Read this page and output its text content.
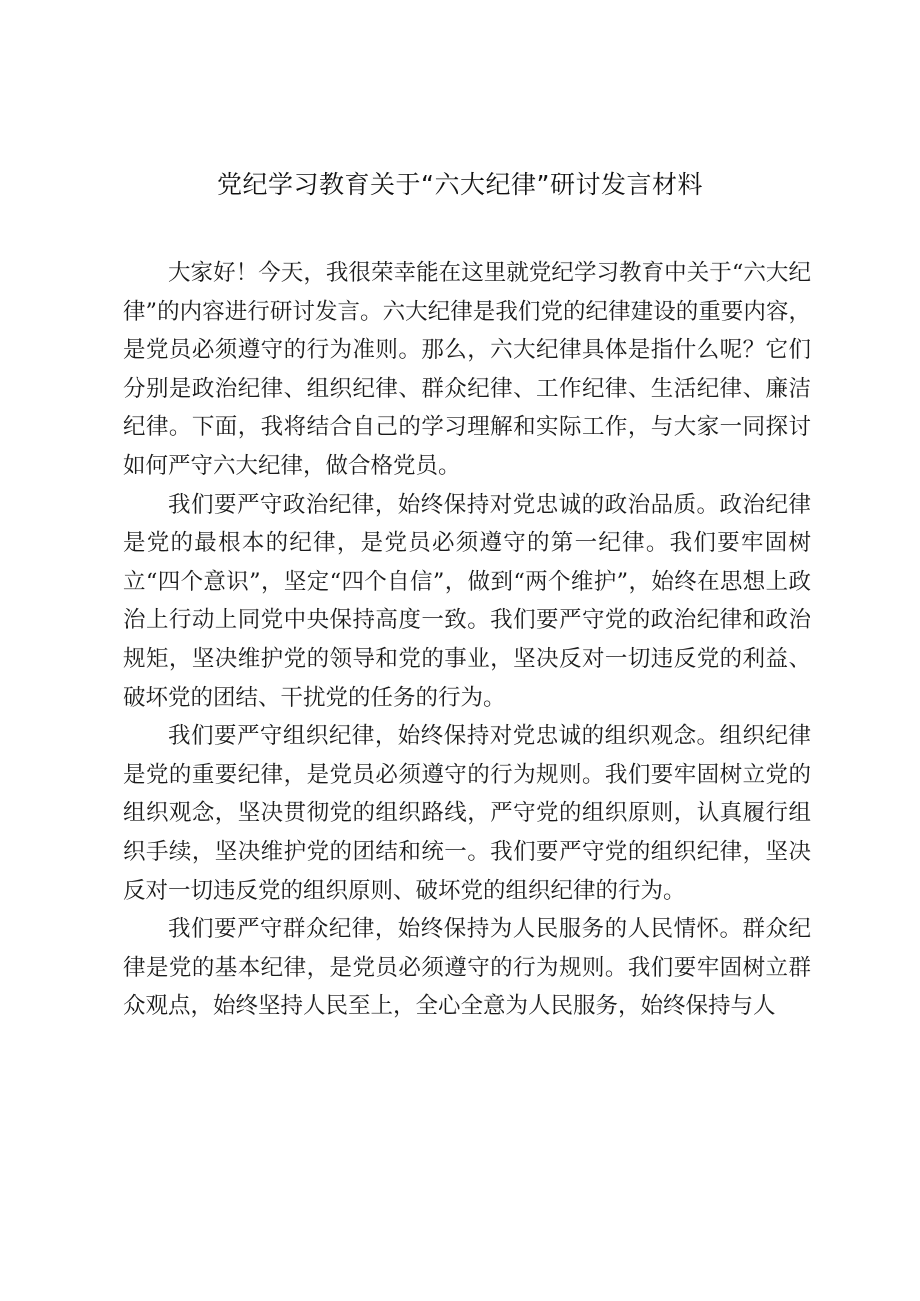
党纪学习教育关于“六大纪律”研讨发言材料

大家好！今天，我很荣幸能在这里就党纪学习教育中关于“六大纪律”的内容进行研讨发言。六大纪律是我们党的纪律建设的重要内容，是党员必须遵守的行为准则。那么，六大纪律具体是指什么呢？它们分别是政治纪律、组织纪律、群众纪律、工作纪律、生活纪律、廉洁纪律。下面，我将结合自己的学习理解和实际工作，与大家一同探讨如何严守六大纪律，做合格党员。

我们要严守政治纪律，始终保持对党忠诚的政治品质。政治纪律是党的最根本的纪律，是党员必须遵守的第一纪律。我们要牢固树立“四个意识”，坚定“四个自信”，做到“两个维护”，始终在思想上政治上行动上同党中央保持高度一致。我们要严守党的政治纪律和政治规矩，坚决维护党的领导和党的事业，坚决反对一切违反党的利益、破坏党的团结、干扰党的任务的行为。

我们要严守组织纪律，始终保持对党忠诚的组织观念。组织纪律是党的重要纪律，是党员必须遵守的行为规则。我们要牢固树立党的组织观念，坚决贯彻党的组织路线，严守党的组织原则，认真履行组织手续，坚决维护党的团结和统一。我们要严守党的组织纪律，坚决反对一切违反党的组织原则、破坏党的组织纪律的行为。

我们要严守群众纪律，始终保持为人民服务的人民情怀。群众纪律是党的基本纪律，是党员必须遵守的行为规则。我们要牢固树立群众观点，始终坚持人民至上，全心全意为人民服务，始终保持与人
